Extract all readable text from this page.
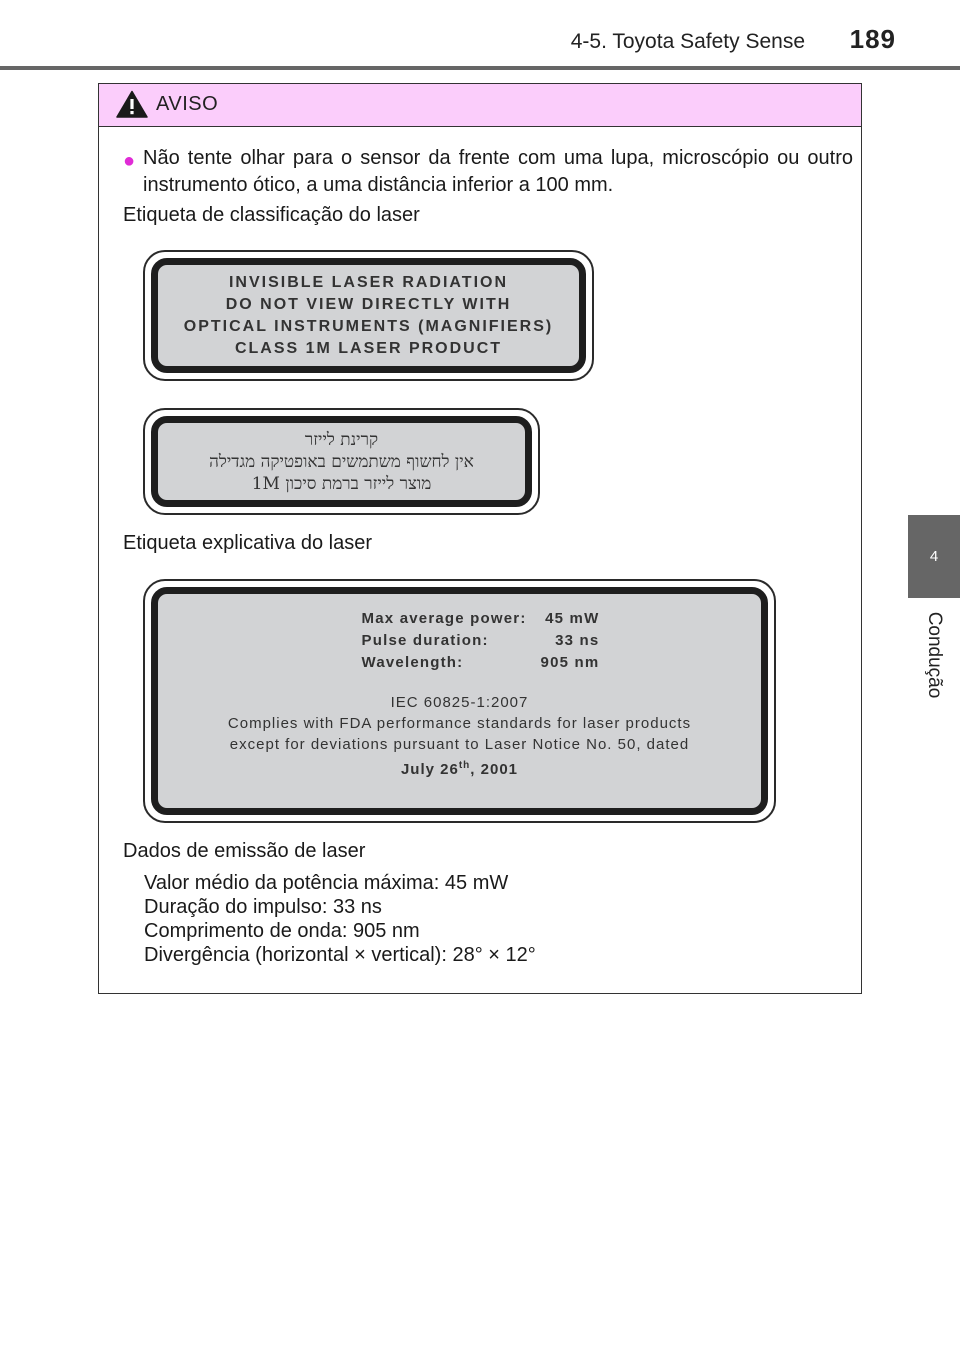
4-5. Toyota Safety Sense	189
4
Condução
AVISO
● Não tente olhar para o sensor da frente com uma lupa, microscópio ou outro instrumento ótico, a uma distância inferior a 100 mm.
Etiqueta de classificação do laser
INVISIBLE LASER RADIATION
DO NOT VIEW DIRECTLY WITH
OPTICAL INSTRUMENTS (MAGNIFIERS)
CLASS 1M LASER PRODUCT
קרינת לייזר
אין לחשוף משתמשים באופטיקה מגדילה
מוצר לייזר ברמת סיכון 1M
Etiqueta explicativa do laser
Max average power:	45 mW
Pulse duration:	33 ns
Wavelength:	905 nm
IEC 60825-1:2007
Complies with FDA performance standards for laser products
except for deviations pursuant to Laser Notice No. 50, dated
July 26th, 2001
Dados de emissão de laser
Valor médio da potência máxima: 45 mW
Duração do impulso: 33 ns
Comprimento de onda: 905 nm
Divergência (horizontal × vertical): 28° × 12°
